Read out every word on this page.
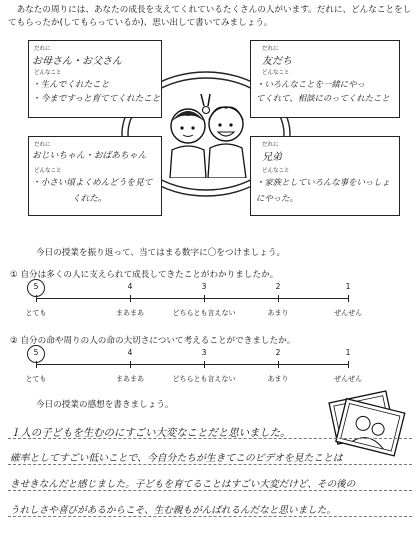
　あなたの周りには、あなたの成長を支えてくれているたくさんの人がいます。だれに、どんなことをしてもらったか(してもらっているか)、思い出して書いてみましょう。
だれに
お母さん・お父さん
どんなこと
・生んでくれたこと
・今まですっと育ててくれたこと
だれに
友だち
どんなこと
・いろんなことを一緒にやっ
てくれて、相談にのってくれたこと
だれに
おじいちゃん・おばあちゃん
どんなこと
・小さい頃よくめんどうを見て
くれた。
だれに
兄弟
どんなこと
・家族としていろんな事をいっしょ
にやった。
今日の授業を振り返って、当てはまる数字に〇をつけましょう。
① 自分は多くの人に支えられて成長してきたことがわかりましたか。
5	4	3	2	1
とても	まあまあ	どちらとも言えない	あまり	ぜんぜん
② 自分の命や周りの人の命の大切さについて考えることができましたか。
5	4	3	2	1
とても	まあまあ	どちらとも言えない	あまり	ぜんぜん
今日の授業の感想を書きましょう。
１人の子どもを生むのにすごい大変なことだと思いました。
確率としてすごい低いことで、今自分たちが生きてこのビデオを見たことは
きせきなんだと感じました。子どもを育てることはすごい大変だけど、その後の
うれしさや喜びがあるからこそ、生む親もがんばれるんだなと思いました。
